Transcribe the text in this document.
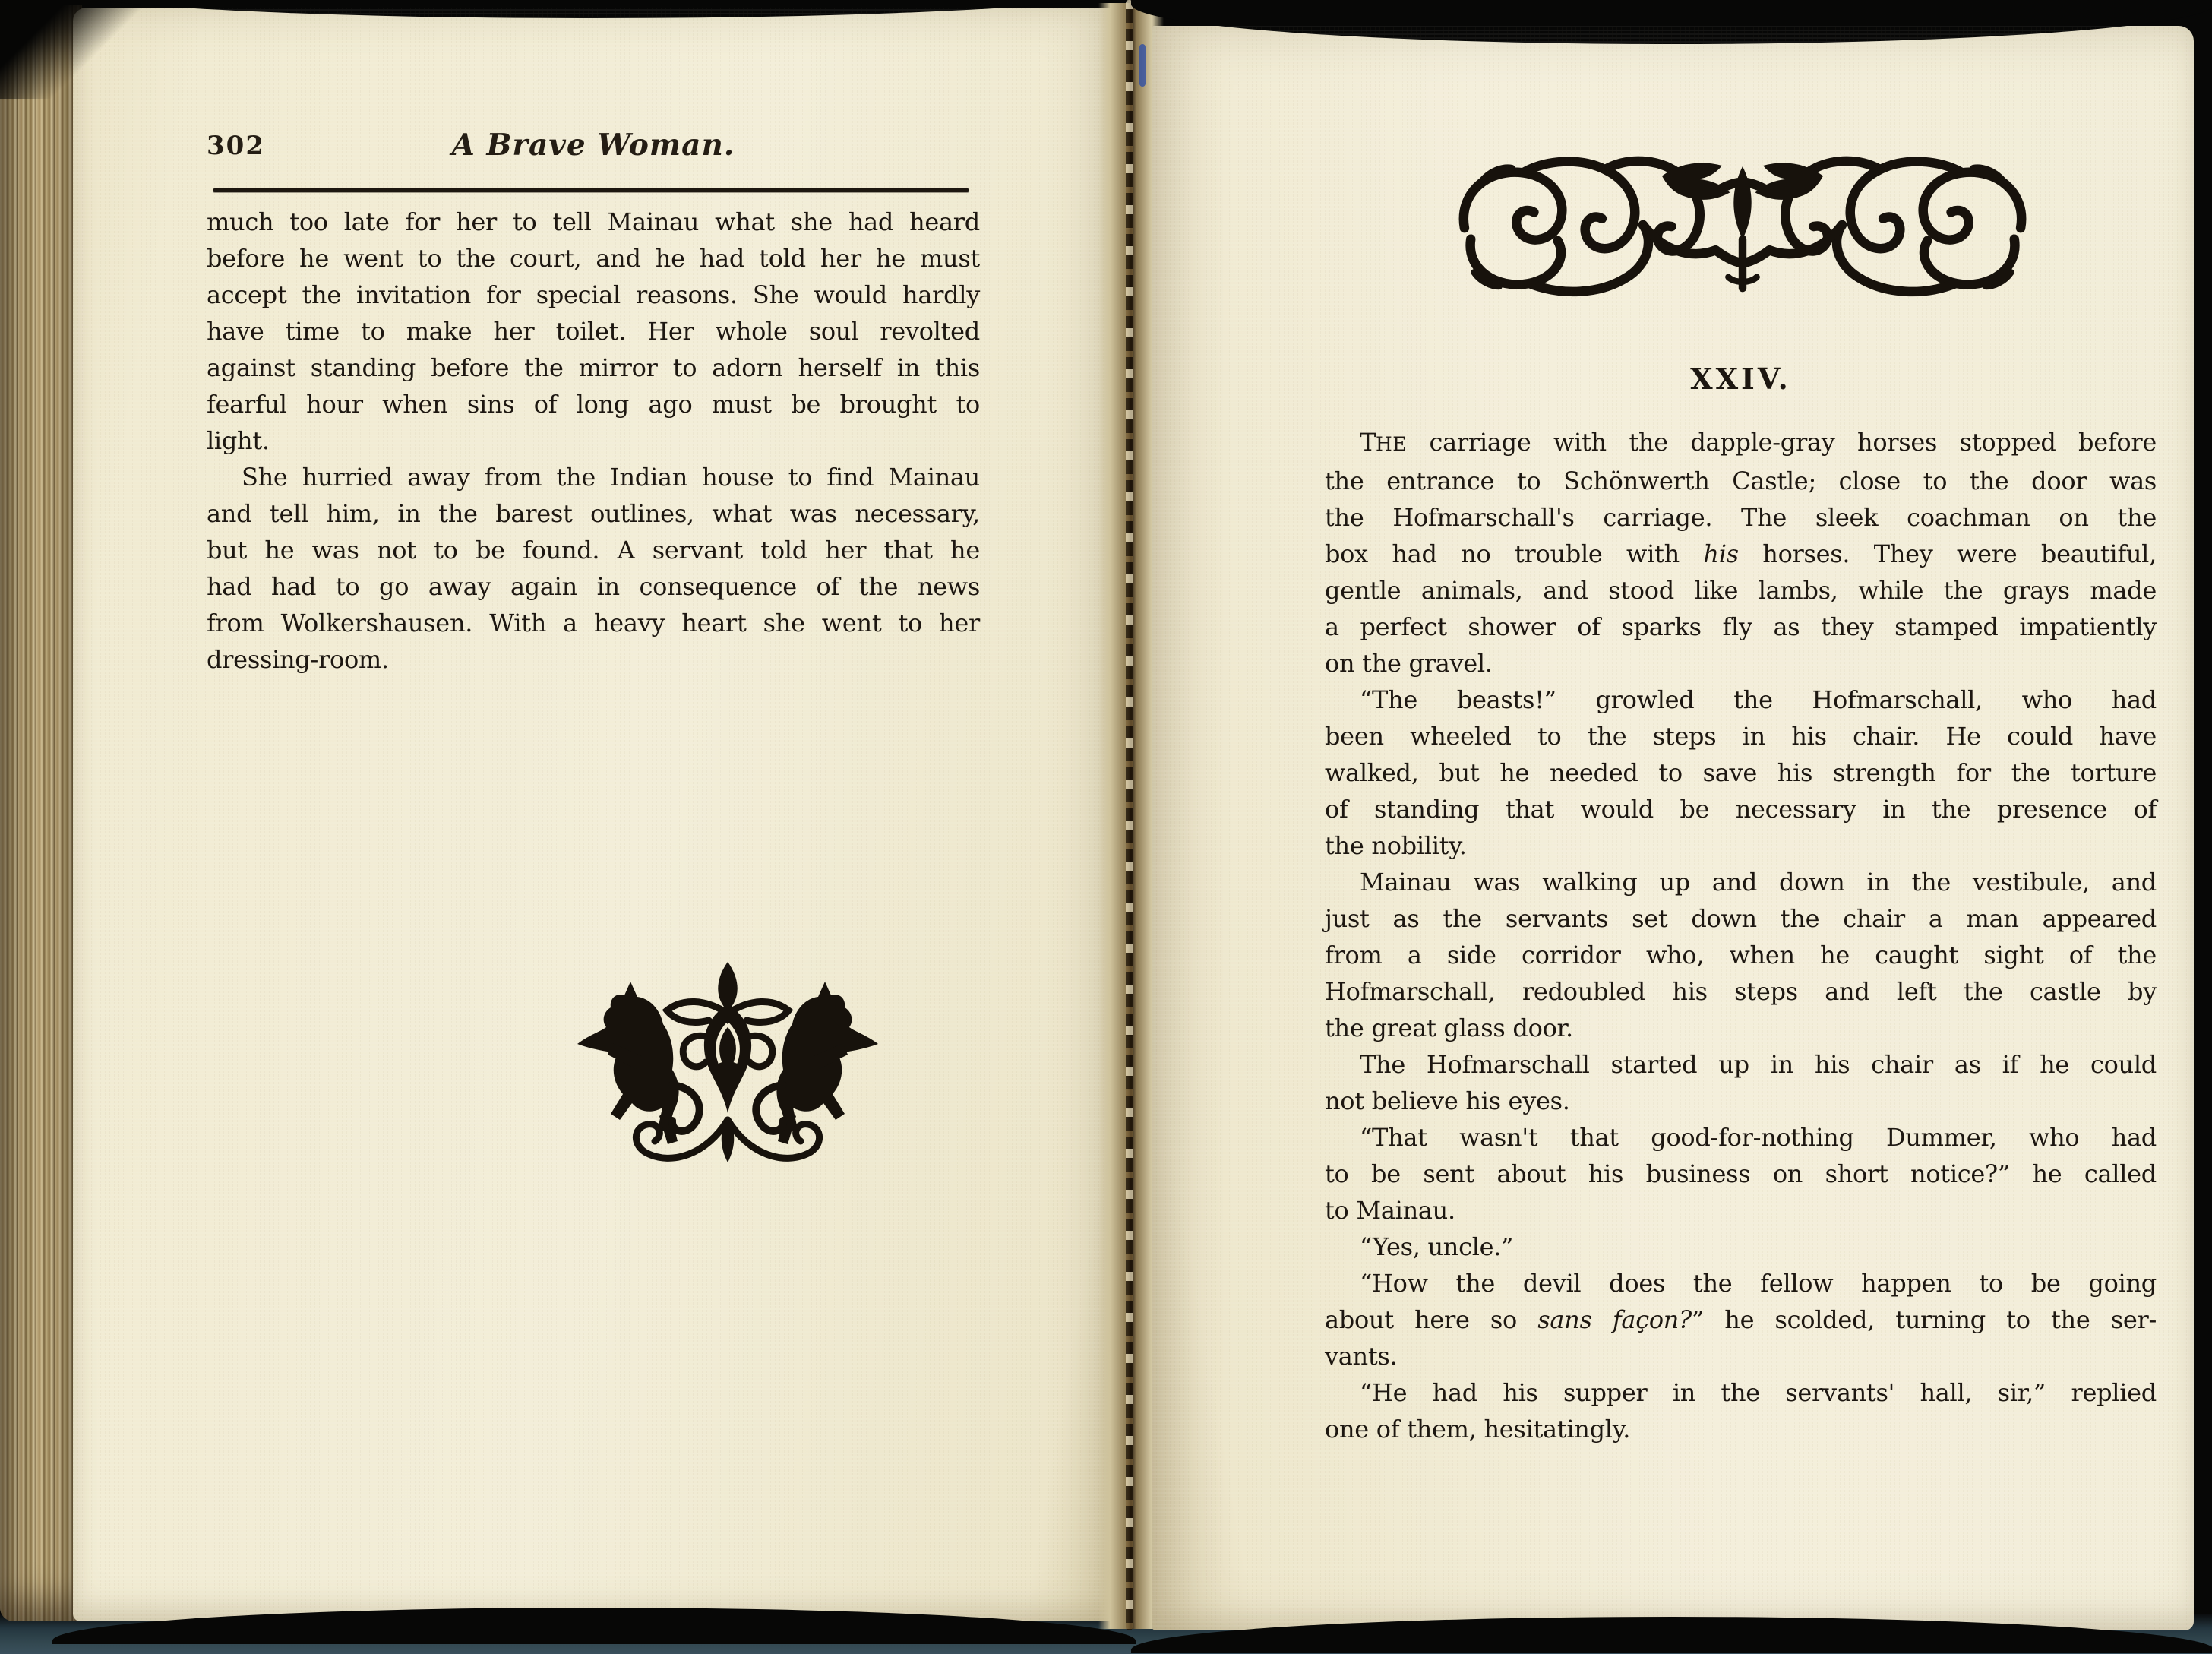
302	A Brave Woman.
much too late for her to tell Mainau what she had heard
before he went to the court, and he had told her he must
accept the invitation for special reasons. She would hardly
have time to make her toilet. Her whole soul revolted
against standing before the mirror to adorn herself in this
fearful hour when sins of long ago must be brought to
light.
She hurried away from the Indian house to find Mainau
and tell him, in the barest outlines, what was necessary,
but he was not to be found. A servant told her that he
had had to go away again in consequence of the news
from Wolkershausen. With a heavy heart she went to her
dressing-room.
XXIV.
THE carriage with the dapple-gray horses stopped before
the entrance to Schönwerth Castle; close to the door was
the Hofmarschall's carriage. The sleek coachman on the
box had no trouble with his horses. They were beautiful,
gentle animals, and stood like lambs, while the grays made
a perfect shower of sparks fly as they stamped impatiently
on the gravel.
“The beasts!” growled the Hofmarschall, who had
been wheeled to the steps in his chair. He could have
walked, but he needed to save his strength for the torture
of standing that would be necessary in the presence of
the nobility.
Mainau was walking up and down in the vestibule, and
just as the servants set down the chair a man appeared
from a side corridor who, when he caught sight of the
Hofmarschall, redoubled his steps and left the castle by
the great glass door.
The Hofmarschall started up in his chair as if he could
not believe his eyes.
“That wasn't that good-for-nothing Dummer, who had
to be sent about his business on short notice?” he called
to Mainau.
“Yes, uncle.”
“How the devil does the fellow happen to be going
about here so sans façon?” he scolded, turning to the ser-
vants.
“He had his supper in the servants' hall, sir,” replied
one of them, hesitatingly.
